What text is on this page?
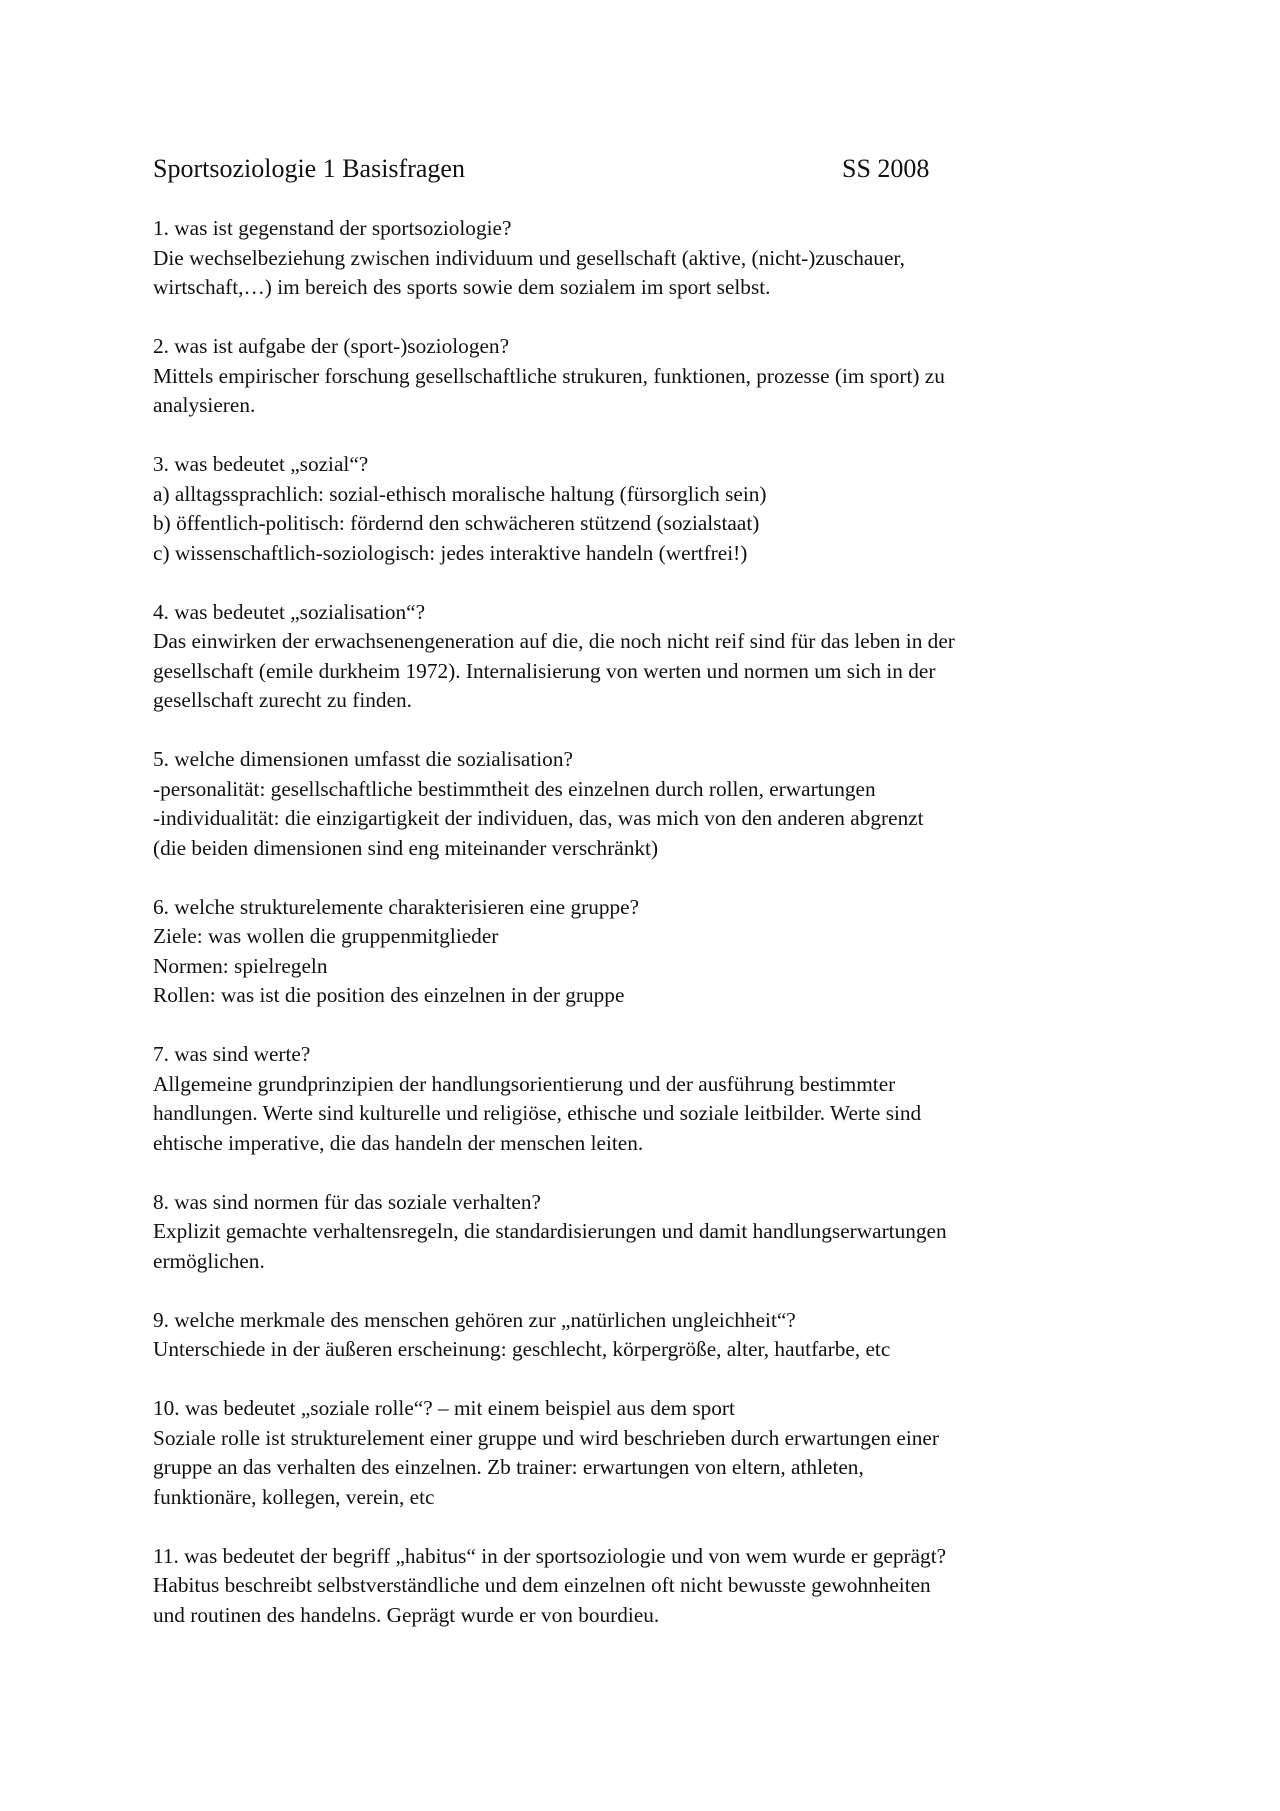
Sportsoziologie 1 Basisfragen	SS 2008

1. was ist gegenstand der sportsoziologie?

Die wechselbeziehung zwischen individuum und gesellschaft (aktive, (nicht-)zuschauer,

wirtschaft,…) im bereich des sports sowie dem sozialem im sport selbst.

2. was ist aufgabe der (sport-)soziologen?

Mittels empirischer forschung gesellschaftliche strukuren, funktionen, prozesse (im sport) zu

analysieren.

3. was bedeutet „sozial“?

a) alltagssprachlich: sozial-ethisch moralische haltung (fürsorglich sein)

b) öffentlich-politisch: fördernd den schwächeren stützend (sozialstaat)

c) wissenschaftlich-soziologisch: jedes interaktive handeln (wertfrei!)

4. was bedeutet „sozialisation“?

Das einwirken der erwachsenengeneration auf die, die noch nicht reif sind für das leben in der

gesellschaft (emile durkheim 1972). Internalisierung von werten und normen um sich in der

gesellschaft zurecht zu finden.

5. welche dimensionen umfasst die sozialisation?

-personalität: gesellschaftliche bestimmtheit des einzelnen durch rollen, erwartungen

-individualität: die einzigartigkeit der individuen, das, was mich von den anderen abgrenzt

(die beiden dimensionen sind eng miteinander verschränkt)

6. welche strukturelemente charakterisieren eine gruppe?

Ziele: was wollen die gruppenmitglieder

Normen: spielregeln

Rollen: was ist die position des einzelnen in der gruppe

7. was sind werte?

Allgemeine grundprinzipien der handlungsorientierung und der ausführung bestimmter

handlungen. Werte sind kulturelle und religiöse, ethische und soziale leitbilder. Werte sind

ehtische imperative, die das handeln der menschen leiten.

8. was sind normen für das soziale verhalten?

Explizit gemachte verhaltensregeln, die standardisierungen und damit handlungserwartungen

ermöglichen.

9. welche merkmale des menschen gehören zur „natürlichen ungleichheit“?

Unterschiede in der äußeren erscheinung: geschlecht, körpergröße, alter, hautfarbe, etc

10. was bedeutet „soziale rolle“? – mit einem beispiel aus dem sport

Soziale rolle ist strukturelement einer gruppe und wird beschrieben durch erwartungen einer

gruppe an das verhalten des einzelnen. Zb trainer: erwartungen von eltern, athleten,

funktionäre, kollegen, verein, etc

11. was bedeutet der begriff „habitus“ in der sportsoziologie und von wem wurde er geprägt?

Habitus beschreibt selbstverständliche und dem einzelnen oft nicht bewusste gewohnheiten

und routinen des handelns. Geprägt wurde er von bourdieu.
